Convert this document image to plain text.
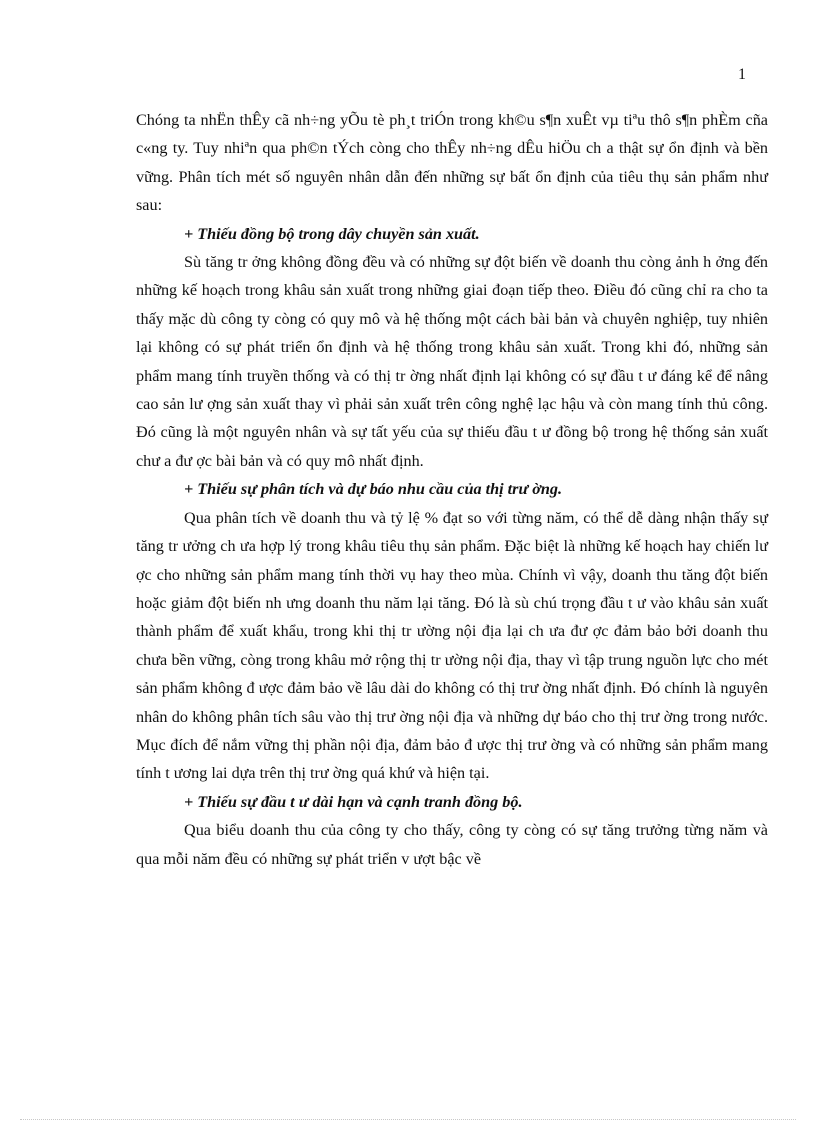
1

Chóng ta nhËn thÊy cã nh÷ng yÕu tè ph¸t triÓn trong kh©u s¶n xuÊt vµ tiªu thô s¶n phÈm cña c«ng ty. Tuy nhiªn qua ph©n tÝch còng cho thÊy nh÷ng dÊu hiÖu ch a thật sự ổn định và bền vững. Phân tích mét số nguyên nhân dẫn đến những sự bất ổn định của tiêu thụ sản phẩm như sau:

+ Thiếu đồng bộ trong dây chuyền sản xuất.

Sù tăng tr ởng không đồng đều và có những sự đột biến về doanh thu còng ảnh h ởng đến những kế hoạch trong khâu sản xuất trong những giai đoạn tiếp theo. Điều đó cũng chỉ ra cho ta thấy mặc dù công ty còng có quy mô và hệ thống một cách bài bản và chuyên nghiệp, tuy nhiên lại không có sự phát triển ổn định và hệ thống trong khâu sản xuất. Trong khi đó, những sản phẩm mang tính truyền thống và có thị tr ờng nhất định lại không có sự đầu t ư đáng kể để nâng cao sản lư ợng sản xuất thay vì phải sản xuất trên công nghệ lạc hậu và còn mang tính thủ công. Đó cũng là một nguyên nhân và sự tất yếu của sự thiếu đầu t ư đồng bộ trong hệ thống sản xuất chư a đư ợc bài bản và có quy mô nhất định.

+ Thiếu sự phân tích và dự báo nhu cầu của thị trư ờng.

Qua phân tích về doanh thu và tỷ lệ % đạt so với từng năm, có thể dễ dàng nhận thấy sự tăng tr ưởng ch ưa hợp lý trong khâu tiêu thụ sản phẩm. Đặc biệt là những kế hoạch hay chiến lư ợc cho những sản phẩm mang tính thời vụ hay theo mùa. Chính vì vậy, doanh thu tăng đột biến hoặc giảm đột biến nh ưng doanh thu năm lại tăng. Đó là sù chú trọng đầu t ư vào khâu sản xuất thành phẩm để xuất khẩu, trong khi thị tr ường nội địa lại ch ưa đư ợc đảm bảo bởi doanh thu chưa bền vững, còng trong khâu mở rộng thị tr ường nội địa, thay vì tập trung nguồn lực cho mét sản phẩm không đ ược đảm bảo về lâu dài do không có thị trư ờng nhất định. Đó chính là nguyên nhân do không phân tích sâu vào thị trư ờng nội địa và những dự báo cho thị trư ờng trong nước. Mục đích để nắm vững thị phần nội địa, đảm bảo đ ược thị trư ờng và có những sản phẩm mang tính t ương lai dựa trên thị trư ờng quá khứ và hiện tại.

+ Thiếu sự đầu t ư dài hạn và cạnh tranh đồng bộ.

Qua biểu doanh thu của công ty cho thấy, công ty còng có sự tăng trưởng từng năm và qua mỗi năm đều có những sự phát triển v ượt bậc về
